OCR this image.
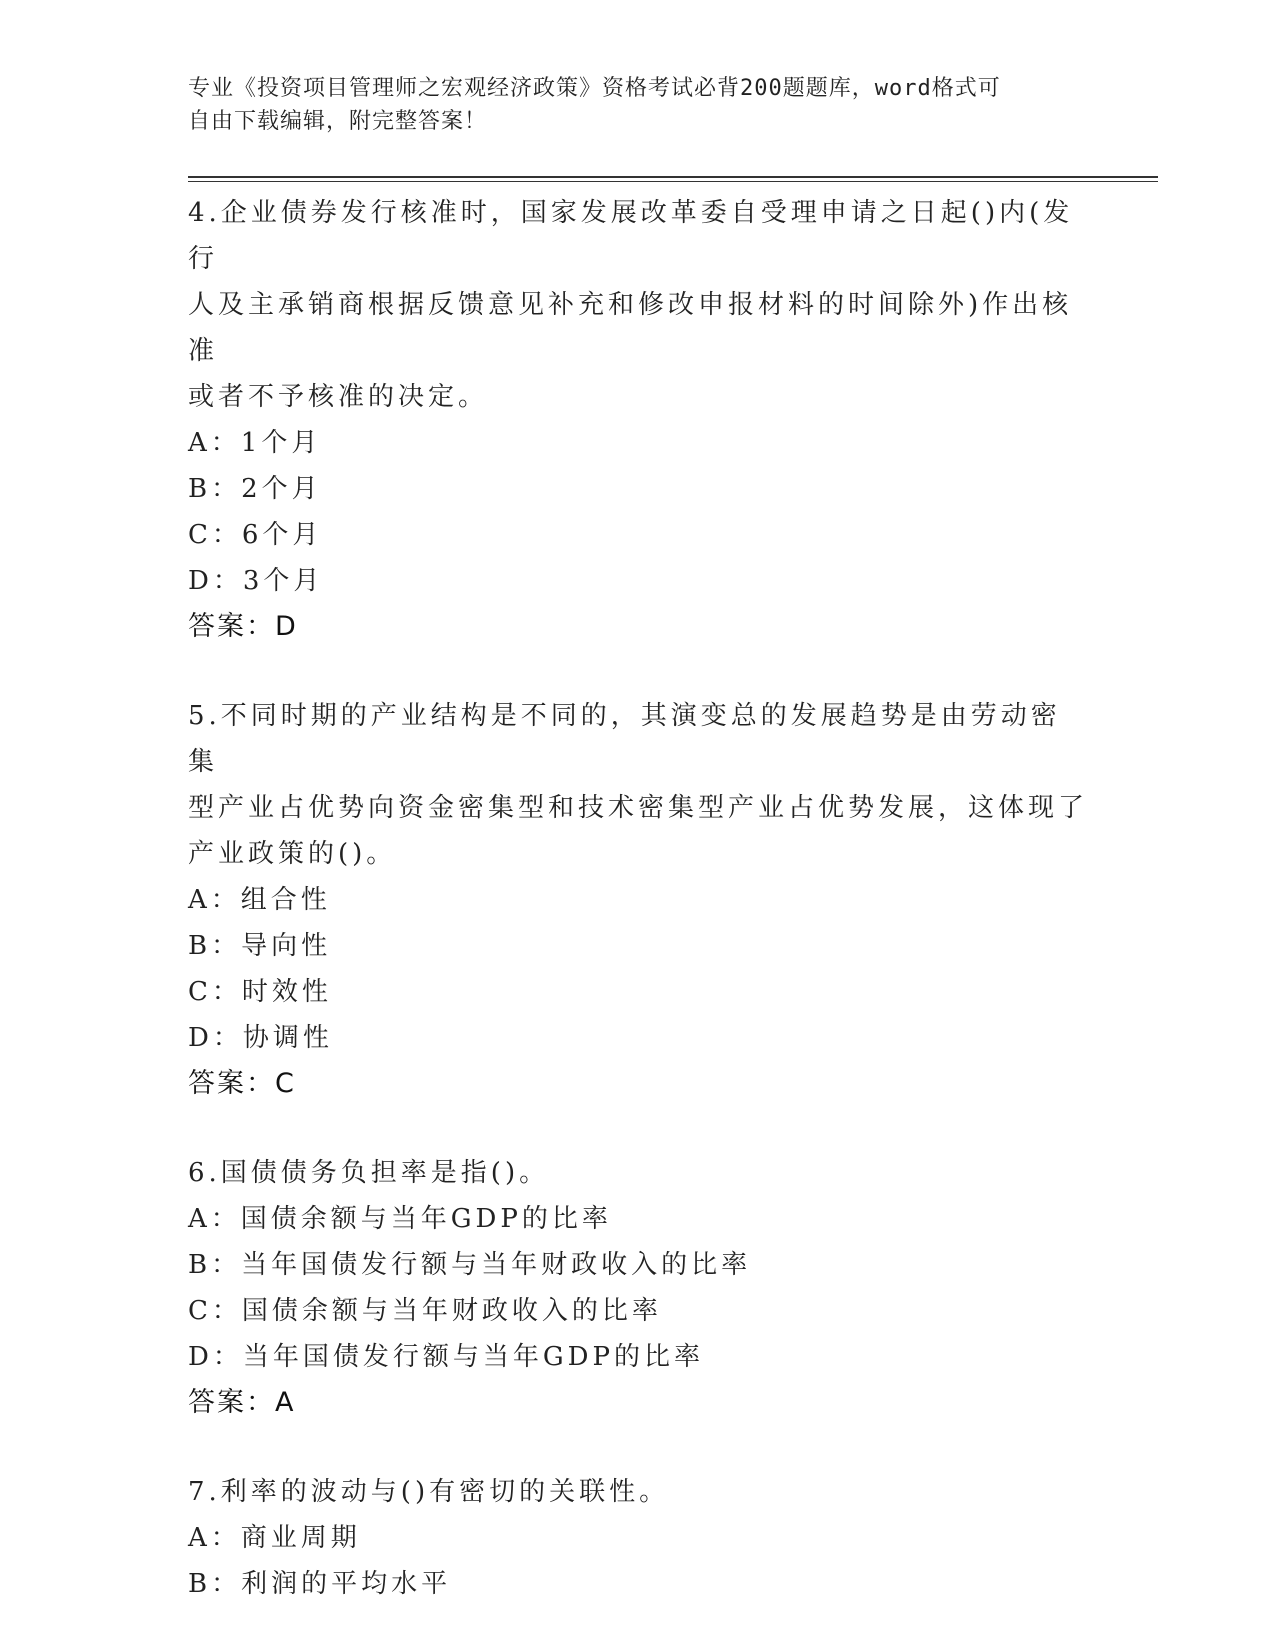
专业《投资项目管理师之宏观经济政策》资格考试必背200题题库，word格式可
自由下载编辑，附完整答案！
4.企业债券发行核准时，国家发展改革委自受理申请之日起()内(发行
人及主承销商根据反馈意见补充和修改申报材料的时间除外)作出核准
或者不予核准的决定。
A：1个月
B：2个月
C：6个月
D：3个月
答案：D
5.不同时期的产业结构是不同的，其演变总的发展趋势是由劳动密集
型产业占优势向资金密集型和技术密集型产业占优势发展，这体现了
产业政策的()。
A：组合性
B：导向性
C：时效性
D：协调性
答案：C
6.国债债务负担率是指()。
A：国债余额与当年GDP的比率
B：当年国债发行额与当年财政收入的比率
C：国债余额与当年财政收入的比率
D：当年国债发行额与当年GDP的比率
答案：A
7.利率的波动与()有密切的关联性。
A：商业周期
B：利润的平均水平
